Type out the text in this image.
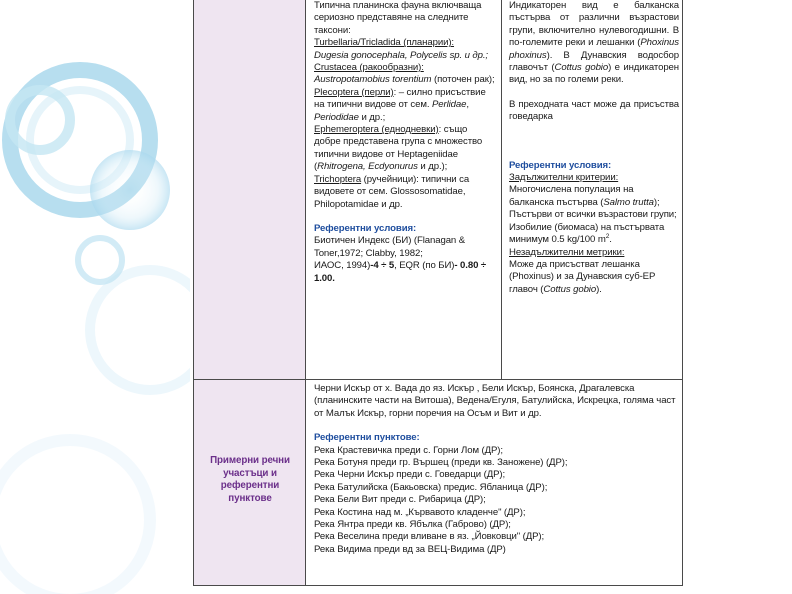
Типична планинска фауна включваща сериозно представяне на следните таксони:

Turbellaria/Tricladida (планарии):

Dugesia gonocephala, Polycelis sp. и др.;

Crustacea (ракообразни):

Austropotamobius torentium (поточен рак);

Plecoptera (перли): – силно присъствие на типични видове от сем. Perlidae, Periodidae и др.;

Ephemeroptera (еднодневки): също добре представена група с множество типични видове от Heptageniidae (Rhitrogena, Ecdyonurus и др.);

Trichoptera (ручейници): типични са видовете от сем. Glossosomatidae, Philopotamidae и др.

Референтни условия:

Биотичен Индекс (БИ) (Flanagan & Toner,1972; Clabby, 1982;

ИАОС, 1994)-4 ÷ 5, EQR (по БИ)- 0.80 ÷ 1.00.

Индикаторен вид е балканска пъстърва от различни възрастови групи, включително нулевогодишни. В по-големите реки и лешанки (Phoxinus phoxinus). В Дунавския водосбор главочът (Cottus gobio) е индикаторен вид, но за по големи реки.

В преходната част може да присъства говедарка

Референтни условия:

Задължителни критерии:

Многочислена популация на балканска пъстърва (Salmo trutta); Пъстърви от всички възрастови групи; Изобилие (биомаса) на пъстървата минимум 0.5 kg/100 $m^2$.

Незадължителни метрики:

Може да присъстват лешанка (Phoxinus) и за Дунавския суб-ЕР главоч (Cottus gobio).

Примерни речни участъци и референтни пунктове

Черни Искър от х. Вада до яз. Искър , Бели Искър, Боянска, Драгалевска (планинските части на Витоша), Ведена/Егуля, Батулийска, Искрецка, голяма част от Малък Искър, горни поречия на Осъм и Вит и др.

Референтни пунктове:

Река Крастевичка преди с. Горни Лом (ДР);

Река Ботуня преди гр. Вършец (преди кв. Заножене) (ДР);

Река Черни Искър преди с. Говедарци (ДР);

Река Батулийска (Бакьовска) предис. Ябланица (ДР);

Река Бели Вит преди с. Рибарица (ДР);

Река Костина над м. „Кървавото кладенче" (ДР);

Река Янтра преди кв. Ябълка (Габрово) (ДР);

Река Веселина преди вливане в яз. „Йовковци" (ДР);

Река Видима преди вд за ВЕЦ-Видима (ДР)
